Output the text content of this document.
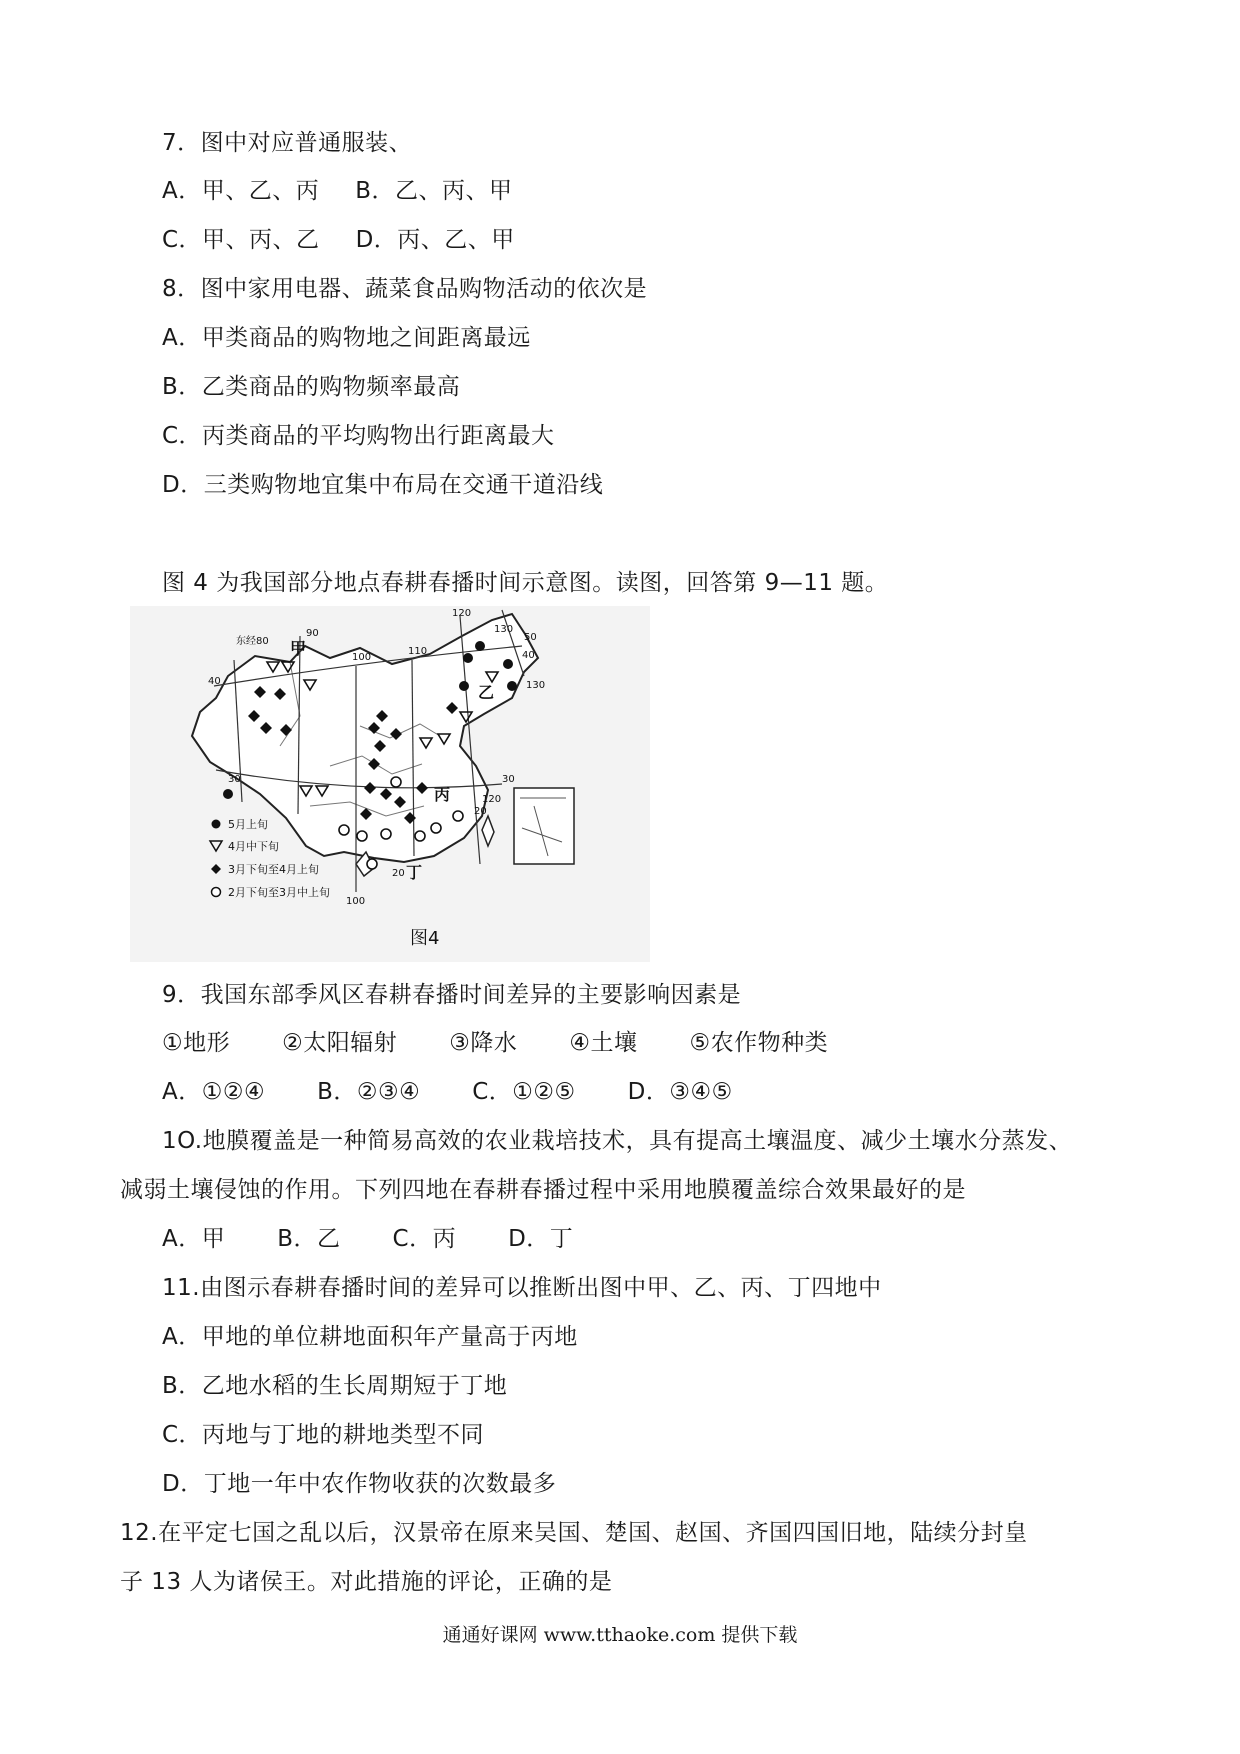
7．图中对应普通服装、
A．甲、乙、丙 B．乙、丙、甲
C．甲、丙、乙 D．丙、乙、甲
8．图中家用电器、蔬菜食品购物活动的依次是
A．甲类商品的购物地之间距离最远
B．乙类商品的购物频率最高
C．丙类商品的平均购物出行距离最大
D．三类购物地宜集中布局在交通干道沿线
图 4 为我国部分地点春耕春播时间示意图。读图，回答第 9—11 题。
甲
乙
丙
丁
东经80
90
100
110
120
130
120
130
100
20
40
30	30
50
40
20
5月上旬
4月中下旬
3月下旬至4月上旬
2月下旬至3月中上旬
图4
9．我国东部季风区春耕春播时间差异的主要影响因素是
①地形 ②太阳辐射 ③降水 ④土壤 ⑤农作物种类
A．①②④ B．②③④ C．①②⑤ D．③④⑤
1O.地膜覆盖是一种简易高效的农业栽培技术，具有提高土壤温度、减少土壤水分蒸发、
减弱土壤侵蚀的作用。下列四地在春耕春播过程中采用地膜覆盖综合效果最好的是
A．甲 B．乙 C．丙 D．丁
11.由图示春耕春播时间的差异可以推断出图中甲、乙、丙、丁四地中
A．甲地的单位耕地面积年产量高于丙地
B．乙地水稻的生长周期短于丁地
C．丙地与丁地的耕地类型不同
D．丁地一年中农作物收获的次数最多
12.在平定七国之乱以后，汉景帝在原来吴国、楚国、赵国、齐国四国旧地，陆续分封皇
子 13 人为诸侯王。对此措施的评论，正确的是
通通好课网 www.tthaoke.com 提供下载
